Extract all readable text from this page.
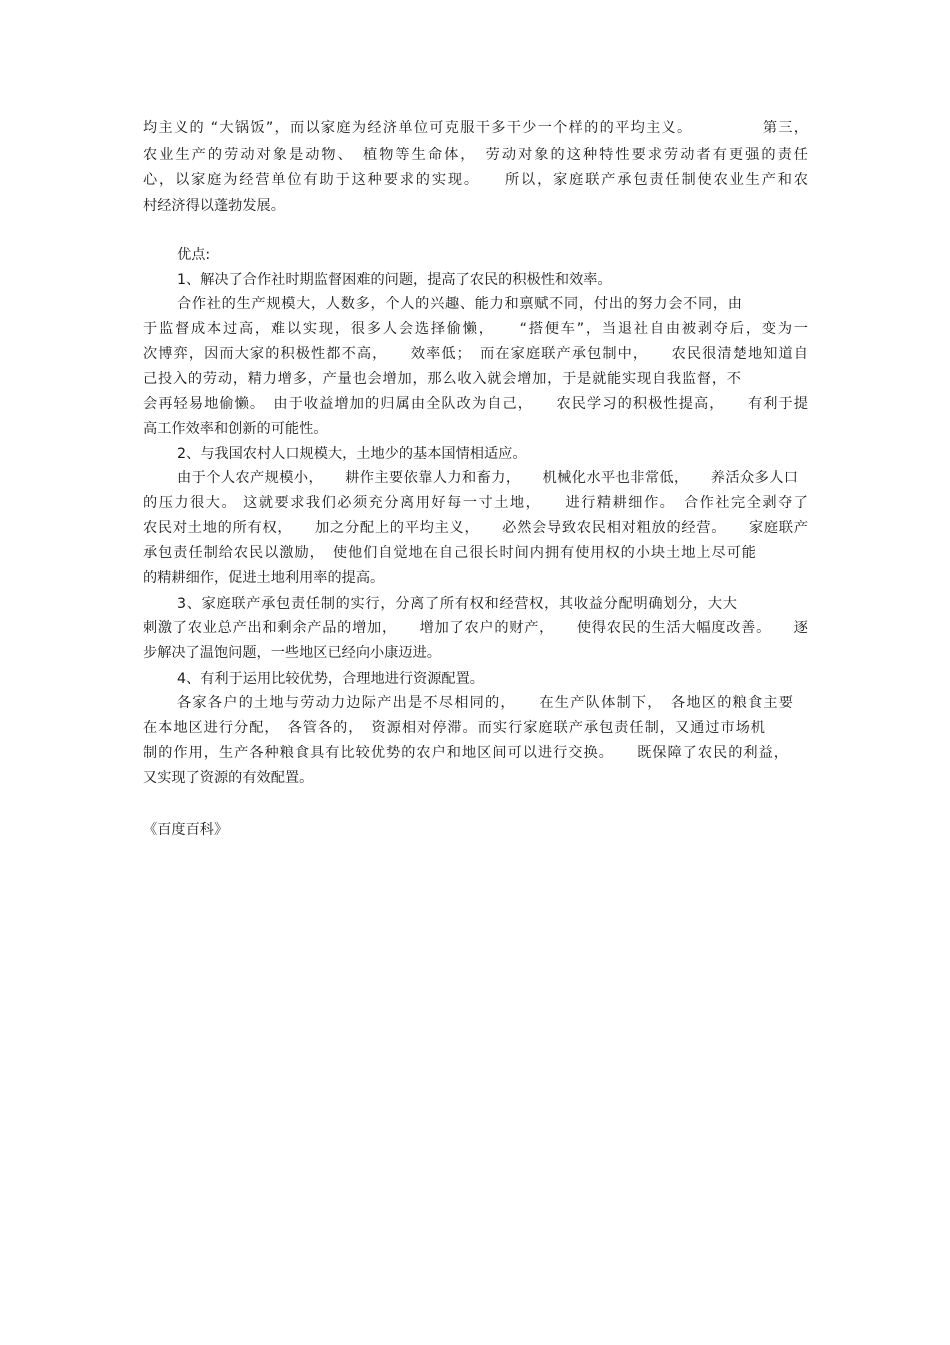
均主义的 “大锅饭”，而以家庭为经济单位可克服干多干少一个样的的平均主义。　　　　　第三，
农业生产的劳动对象是动物、　植物等生命体，　劳动对象的这种特性要求劳动者有更强的责任
心，以家庭为经营单位有助于这种要求的实现。　　所以，家庭联产承包责任制使农业生产和农
村经济得以蓬勃发展。
优点:
1、解决了合作社时期监督困难的问题，提高了农民的积极性和效率。
合作社的生产规模大，人数多，个人的兴趣、能力和禀赋不同，付出的努力会不同，由
于监督成本过高，难以实现，很多人会选择偷懒，　　“搭便车”，当退社自由被剥夺后，变为一
次博弈，因而大家的积极性都不高，　　效率低；　而在家庭联产承包制中，　　农民很清楚地知道自
己投入的劳动，精力增多，产量也会增加，那么收入就会增加，于是就能实现自我监督，不
会再轻易地偷懒。　由于收益增加的归属由全队改为自己，　　农民学习的积极性提高，　　有利于提
高工作效率和创新的可能性。
2、与我国农村人口规模大，土地少的基本国情相适应。
由于个人农产规模小，　　耕作主要依靠人力和畜力，　　机械化水平也非常低，　　养活众多人口
的压力很大。 这就要求我们必须充分离用好每一寸土地，　　进行精耕细作。　合作社完全剥夺了
农民对土地的所有权，　　加之分配上的平均主义，　　必然会导致农民相对粗放的经营。　　家庭联产
承包责任制给农民以激励，　使他们自觉地在自己很长时间内拥有使用权的小块土地上尽可能
的精耕细作，促进土地利用率的提高。
3、家庭联产承包责任制的实行，分离了所有权和经营权，其收益分配明确划分，大大
刺激了农业总产出和剩余产品的增加，　　增加了农户的财产，　　使得农民的生活大幅度改善。　　逐
步解决了温饱问题，一些地区已经向小康迈进。
4、有利于运用比较优势，合理地进行资源配置。
各家各户的土地与劳动力边际产出是不尽相同的，　　在生产队体制下，　各地区的粮食主要
在本地区进行分配，　各管各的，　资源相对停滞。而实行家庭联产承包责任制，又通过市场机
制的作用，生产各种粮食具有比较优势的农户和地区间可以进行交换。　　既保障了农民的利益，
又实现了资源的有效配置。
《百度百科》
